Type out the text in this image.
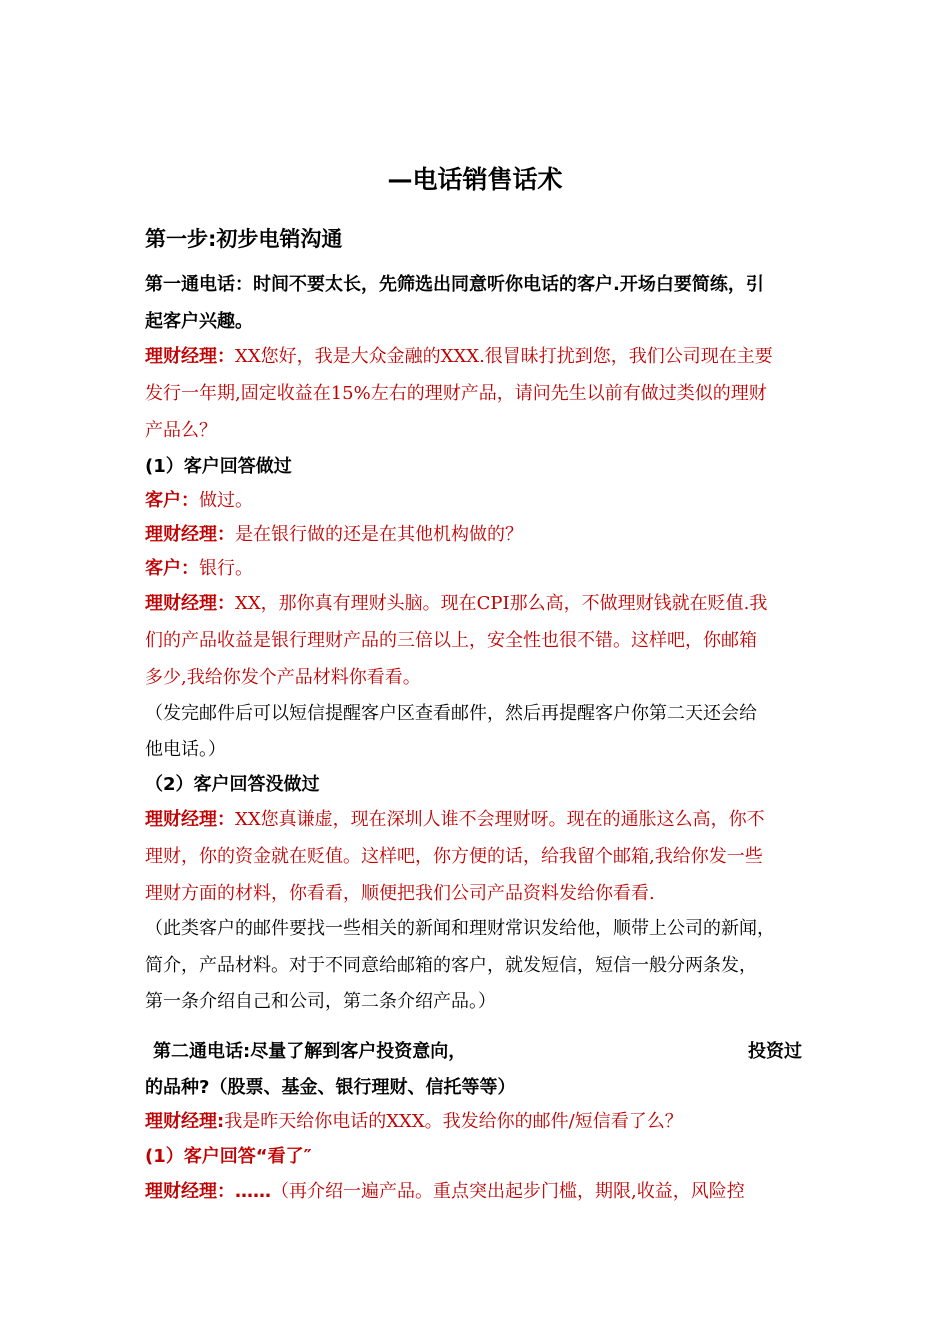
—电话销售话术
第一步:初步电销沟通
第一通电话：时间不要太长，先筛选出同意听你电话的客户.开场白要简练，引
起客户兴趣。
理财经理：XX您好，我是大众金融的XXX.很冒昧打扰到您，我们公司现在主要
发行一年期,固定收益在15%左右的理财产品，请问先生以前有做过类似的理财
产品么？
(1）客户回答做过
客户：做过。
理财经理：是在银行做的还是在其他机构做的？
客户：银行。
理财经理：XX，那你真有理财头脑。现在CPI那么高，不做理财钱就在贬值.我
们的产品收益是银行理财产品的三倍以上，安全性也很不错。这样吧，你邮箱
多少,我给你发个产品材料你看看。
（发完邮件后可以短信提醒客户区查看邮件，然后再提醒客户你第二天还会给
他电话。）
（2）客户回答没做过
理财经理：XX您真谦虚，现在深圳人谁不会理财呀。现在的通胀这么高，你不
理财，你的资金就在贬值。这样吧，你方便的话，给我留个邮箱,我给你发一些
理财方面的材料，你看看，顺便把我们公司产品资料发给你看看.
（此类客户的邮件要找一些相关的新闻和理财常识发给他，顺带上公司的新闻，
简介，产品材料。对于不同意给邮箱的客户，就发短信，短信一般分两条发，
第一条介绍自己和公司，第二条介绍产品。）
第二通电话:尽量了解到客户投资意向，	投资过
的品种?（股票、基金、银行理财、信托等等）
理财经理:我是昨天给你电话的XXX。我发给你的邮件/短信看了么？
(1）客户回答“看了″
理财经理：……（再介绍一遍产品。重点突出起步门槛，期限,收益，风险控
